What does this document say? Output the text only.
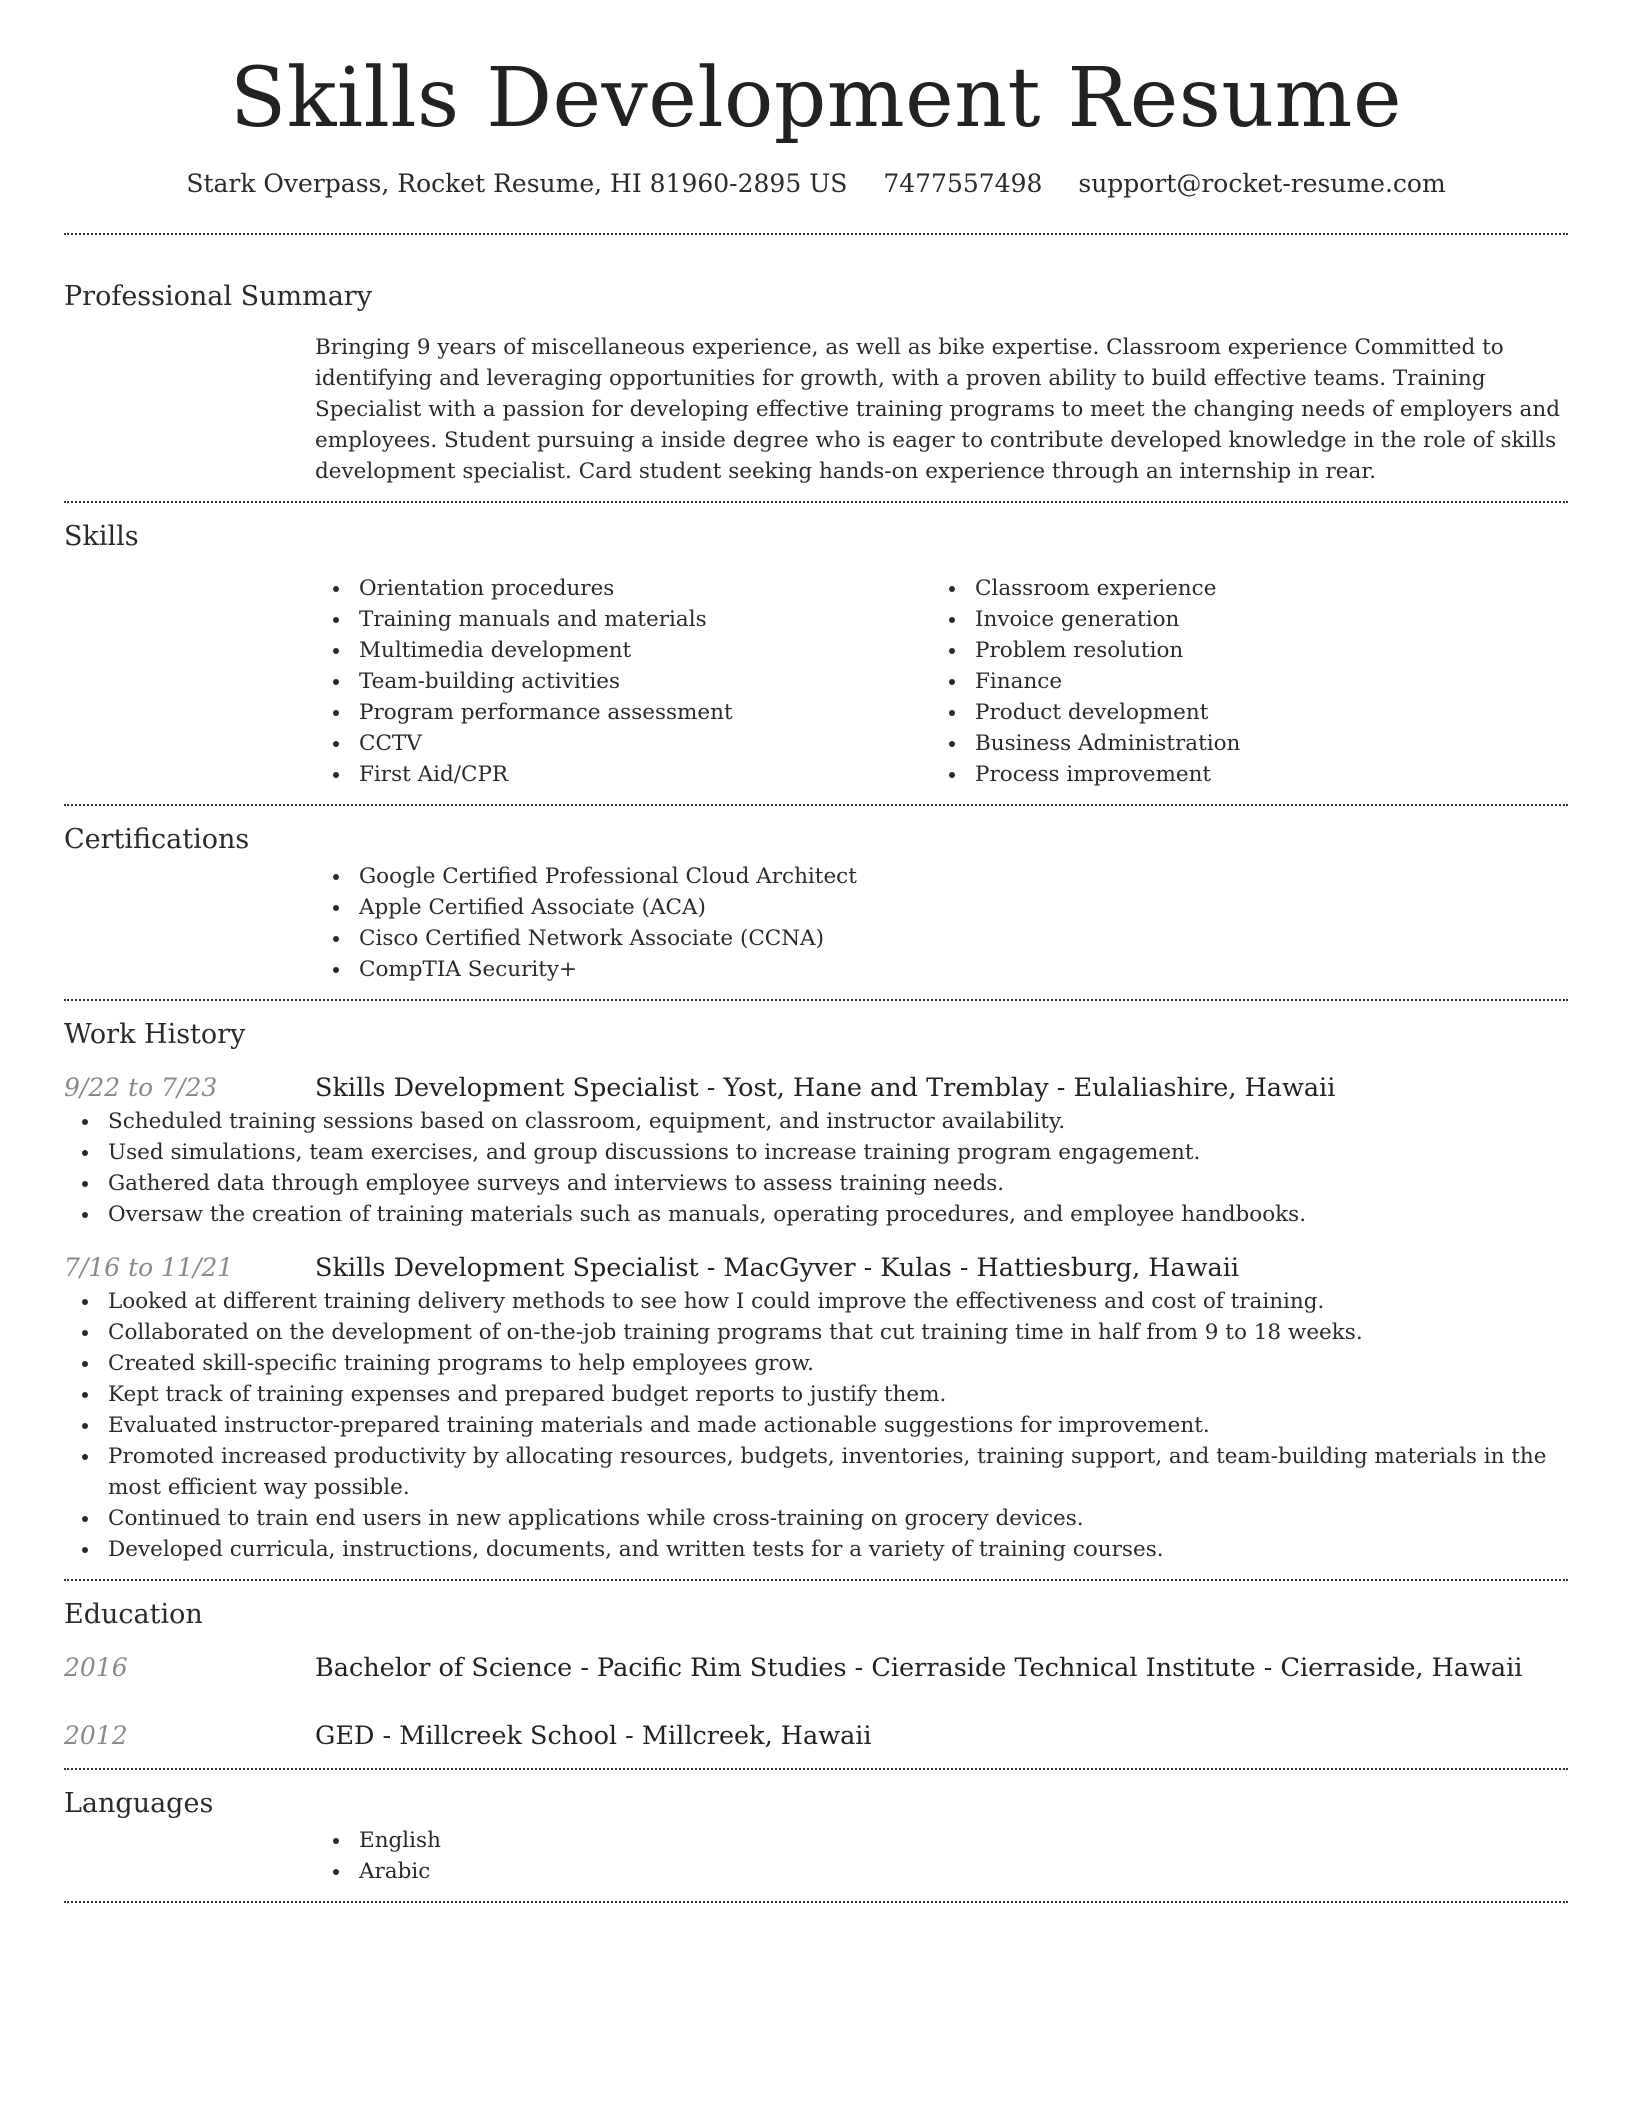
Skills Development Resume
Stark Overpass, Rocket Resume, HI 81960-2895 US 7477557498 support@rocket-resume.com
Professional Summary

Bringing 9 years of miscellaneous experience, as well as bike expertise. Classroom experience Committed to identifying and leveraging opportunities for growth, with a proven ability to build effective teams. Training Specialist with a passion for developing effective training programs to meet the changing needs of employers and employees. Student pursuing a inside degree who is eager to contribute developed knowledge in the role of skills development specialist. Card student seeking hands-on experience through an internship in rear.

Skills
Orientation procedures
Training manuals and materials
Multimedia development
Team-building activities
Program performance assessment
CCTV
First Aid/CPR
Classroom experience
Invoice generation
Problem resolution
Finance
Product development
Business Administration
Process improvement
Certifications
Google Certified Professional Cloud Architect
Apple Certified Associate (ACA)
Cisco Certified Network Associate (CCNA)
CompTIA Security+
Work History
9/22 to 7/23	Skills Development Specialist - Yost, Hane and Tremblay - Eulaliashire, Hawaii
Scheduled training sessions based on classroom, equipment, and instructor availability.
Used simulations, team exercises, and group discussions to increase training program engagement.
Gathered data through employee surveys and interviews to assess training needs.
Oversaw the creation of training materials such as manuals, operating procedures, and employee handbooks.
7/16 to 11/21	Skills Development Specialist - MacGyver - Kulas - Hattiesburg, Hawaii
Looked at different training delivery methods to see how I could improve the effectiveness and cost of training.
Collaborated on the development of on-the-job training programs that cut training time in half from 9 to 18 weeks.
Created skill-specific training programs to help employees grow.
Kept track of training expenses and prepared budget reports to justify them.
Evaluated instructor-prepared training materials and made actionable suggestions for improvement.
Promoted increased productivity by allocating resources, budgets, inventories, training support, and team-building materials in the most efficient way possible.
Continued to train end users in new applications while cross-training on grocery devices.
Developed curricula, instructions, documents, and written tests for a variety of training courses.
Education
2016	Bachelor of Science - Pacific Rim Studies - Cierraside Technical Institute - Cierraside, Hawaii
2012	GED - Millcreek School - Millcreek, Hawaii
Languages
English
Arabic
